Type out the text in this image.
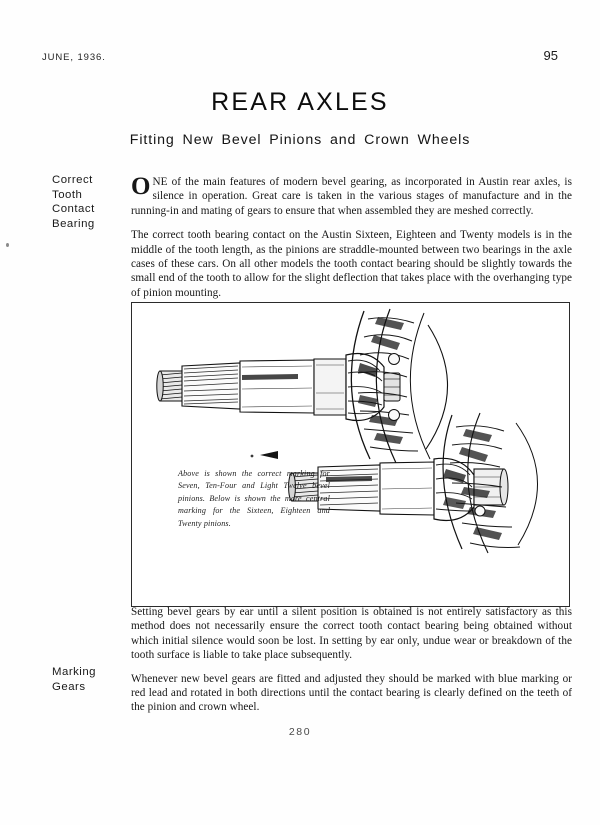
JUNE, 1936.	95
REAR AXLES
Fitting New Bevel Pinions and Crown Wheels
Correct
Tooth
Contact
Bearing

ONE of the main features of modern bevel gearing, as incorporated in Austin rear axles, is silence in operation. Great care is taken in the various stages of manufacture and in the running-in and mating of gears to ensure that when assembled they are meshed correctly.

The correct tooth bearing contact on the Austin Sixteen, Eighteen and Twenty models is in the middle of the tooth length, as the pinions are straddle-mounted between two bearings in the axle cases of these cars. On all other models the tooth contact bearing should be slightly towards the small end of the tooth to allow for the slight deflection that takes place with the overhanging type of pinion mounting.

Above is shown the correct marking for Seven, Ten-Four and Light Twelve bevel pinions. Below is shown the more central marking for the Sixteen, Eighteen and Twenty pinions.
Marking
Gears

Setting bevel gears by ear until a silent position is obtained is not entirely satisfactory as this method does not necessarily ensure the correct tooth contact bearing being obtained without which initial silence would soon be lost. In setting by ear only, undue wear or breakdown of the tooth surface is liable to take place subsequently.

Whenever new bevel gears are fitted and adjusted they should be marked with blue marking or red lead and rotated in both directions until the contact bearing is clearly defined on the teeth of the pinion and crown wheel.

280
